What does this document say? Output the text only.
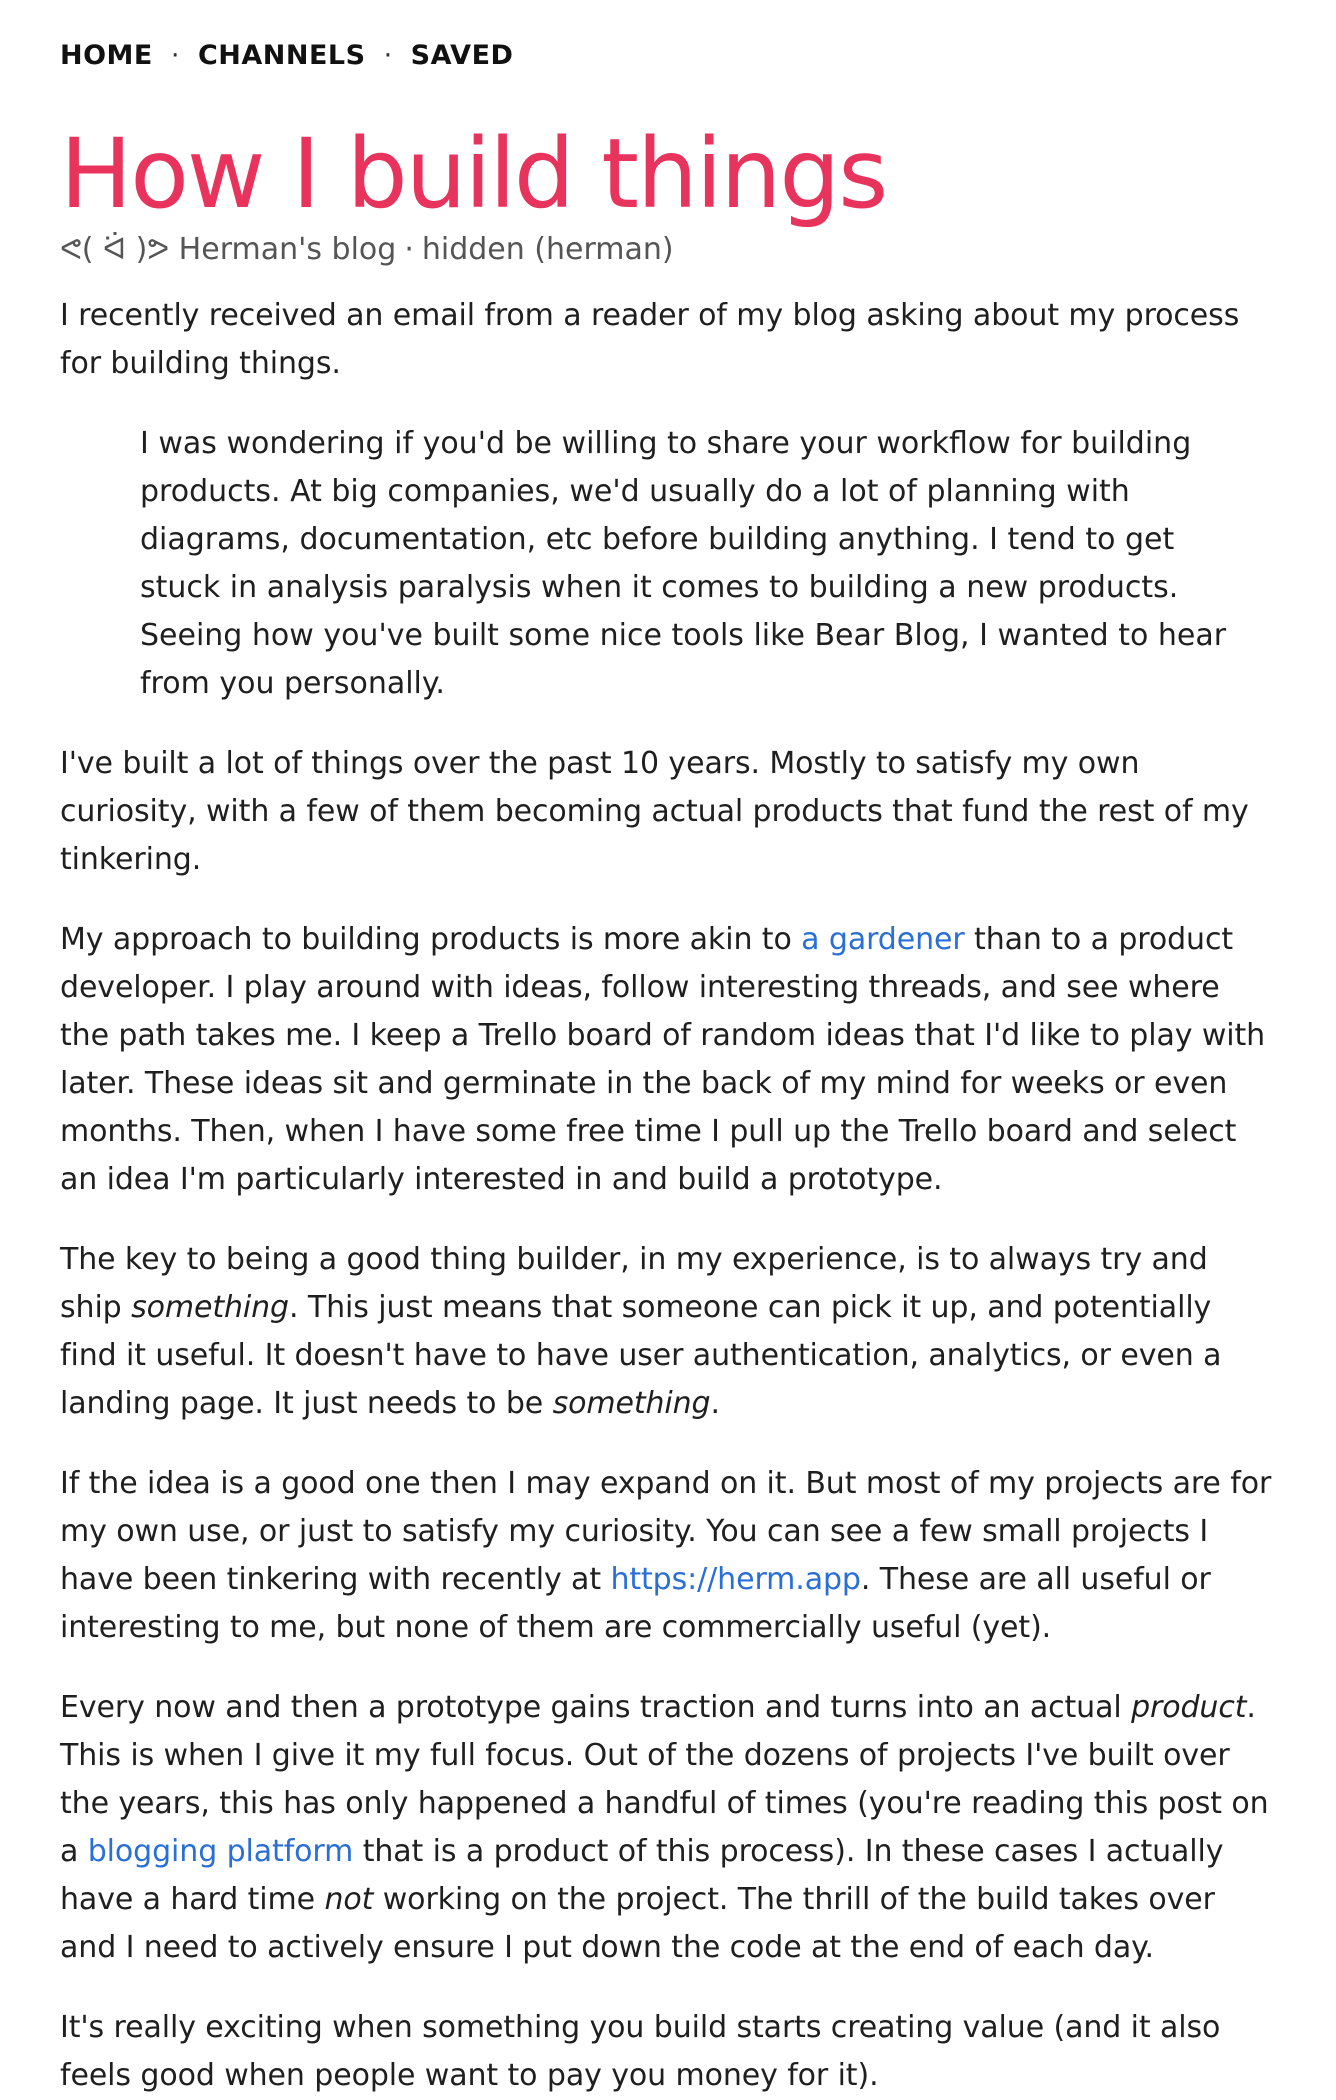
HOME · CHANNELS · SAVED
How I build things
ᕙ( ᐛ )ᕗ Herman's blog · hidden (herman)

I recently received an email from a reader of my blog asking about my process for building things.

I was wondering if you'd be willing to share your workflow for building products. At big companies, we'd usually do a lot of planning with diagrams, documentation, etc before building anything. I tend to get stuck in analysis paralysis when it comes to building a new products. Seeing how you've built some nice tools like Bear Blog, I wanted to hear from you personally.

I've built a lot of things over the past 10 years. Mostly to satisfy my own curiosity, with a few of them becoming actual products that fund the rest of my tinkering.

My approach to building products is more akin to a gardener than to a product developer. I play around with ideas, follow interesting threads, and see where the path takes me. I keep a Trello board of random ideas that I'd like to play with later. These ideas sit and germinate in the back of my mind for weeks or even months. Then, when I have some free time I pull up the Trello board and select an idea I'm particularly interested in and build a prototype.

The key to being a good thing builder, in my experience, is to always try and ship something. This just means that someone can pick it up, and potentially find it useful. It doesn't have to have user authentication, analytics, or even a landing page. It just needs to be something.

If the idea is a good one then I may expand on it. But most of my projects are for my own use, or just to satisfy my curiosity. You can see a few small projects I have been tinkering with recently at https://herm.app. These are all useful or interesting to me, but none of them are commercially useful (yet).

Every now and then a prototype gains traction and turns into an actual product. This is when I give it my full focus. Out of the dozens of projects I've built over the years, this has only happened a handful of times (you're reading this post on a blogging platform that is a product of this process). In these cases I actually have a hard time not working on the project. The thrill of the build takes over and I need to actively ensure I put down the code at the end of each day.

It's really exciting when something you build starts creating value (and it also feels good when people want to pay you money for it).
